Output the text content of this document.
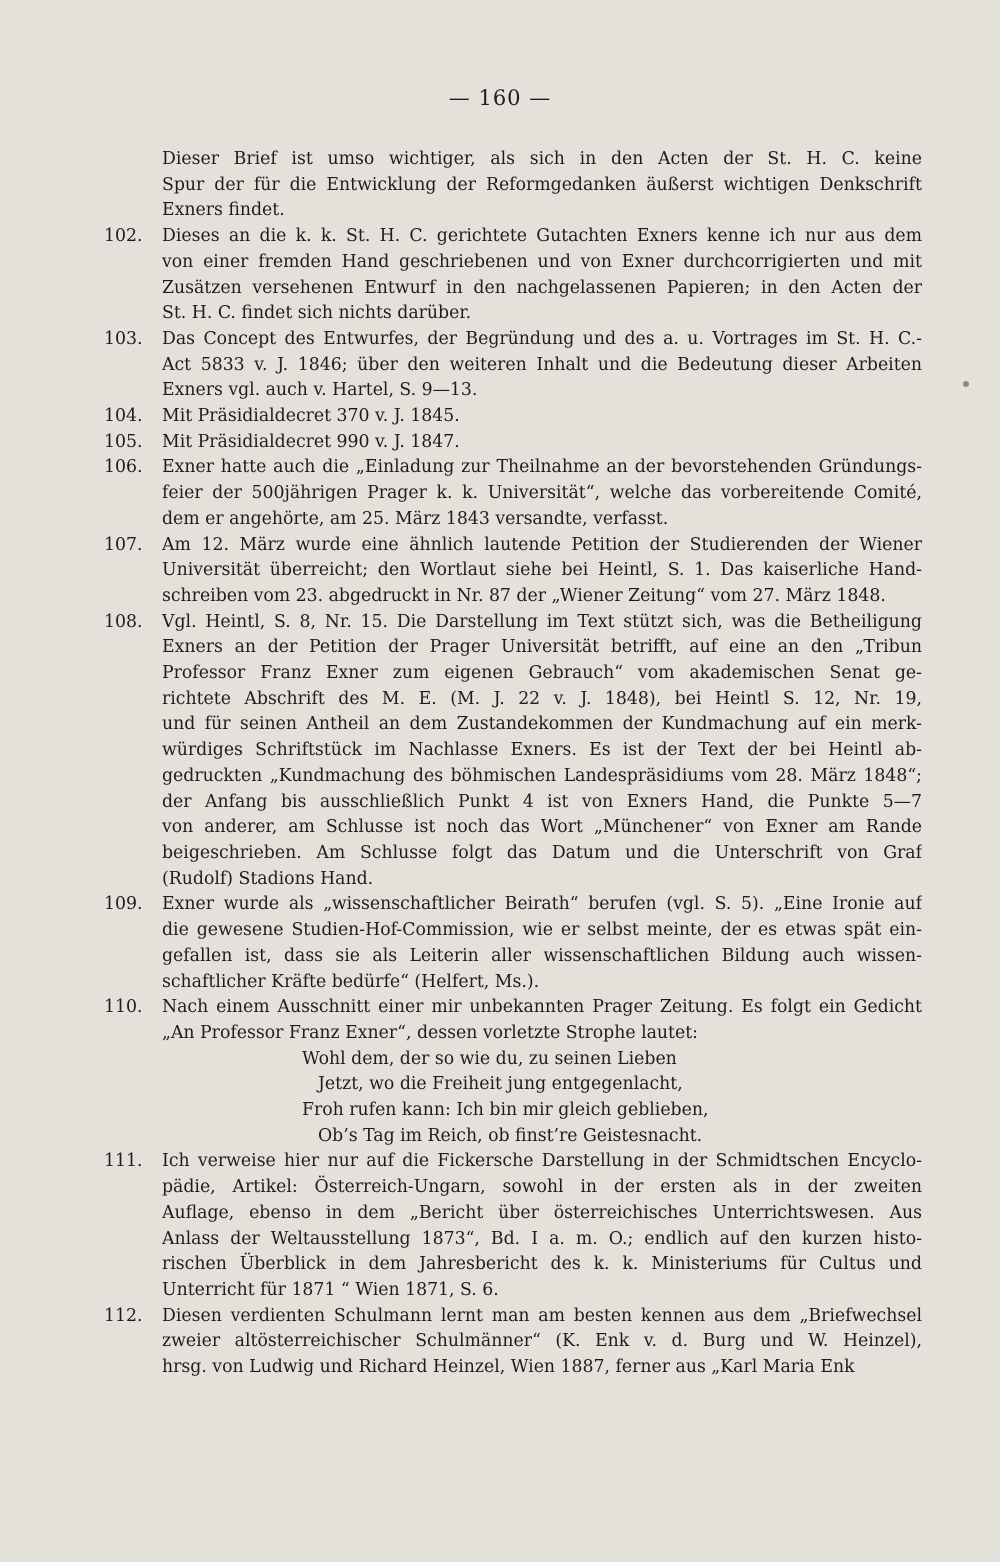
— 160 —
Dieser Brief ist umso wichtiger, als sich in den Acten der St. H. C. keine
Spur der für die Entwicklung der Reformgedanken äußerst wichtigen Denkschrift
Exners findet.
102. Dieses an die k. k. St. H. C. gerichtete Gutachten Exners kenne ich nur aus dem
von einer fremden Hand geschriebenen und von Exner durchcorrigierten und mit
Zusätzen versehenen Entwurf in den nachgelassenen Papieren; in den Acten der
St. H. C. findet sich nichts darüber.
103. Das Concept des Entwurfes, der Begründung und des a. u. Vortrages im St. H. C.-
Act 5833 v. J. 1846; über den weiteren Inhalt und die Bedeutung dieser Arbeiten
Exners vgl. auch v. Hartel, S. 9—13.
104. Mit Präsidialdecret 370 v. J. 1845.
105. Mit Präsidialdecret 990 v. J. 1847.
106. Exner hatte auch die „Einladung zur Theilnahme an der bevorstehenden Gründungs-
feier der 500jährigen Prager k. k. Universität“, welche das vorbereitende Comité,
dem er angehörte, am 25. März 1843 versandte, verfasst.
107. Am 12. März wurde eine ähnlich lautende Petition der Studierenden der Wiener
Universität überreicht; den Wortlaut siehe bei Heintl, S. 1. Das kaiserliche Hand-
schreiben vom 23. abgedruckt in Nr. 87 der „Wiener Zeitung“ vom 27. März 1848.
108. Vgl. Heintl, S. 8, Nr. 15. Die Darstellung im Text stützt sich, was die Betheiligung
Exners an der Petition der Prager Universität betrifft, auf eine an den „Tribun
Professor Franz Exner zum eigenen Gebrauch“ vom akademischen Senat ge-
richtete Abschrift des M. E. (M. J. 22 v. J. 1848), bei Heintl S. 12, Nr. 19,
und für seinen Antheil an dem Zustandekommen der Kundmachung auf ein merk-
würdiges Schriftstück im Nachlasse Exners. Es ist der Text der bei Heintl ab-
gedruckten „Kundmachung des böhmischen Landespräsidiums vom 28. März 1848“;
der Anfang bis ausschließlich Punkt 4 ist von Exners Hand, die Punkte 5—7
von anderer, am Schlusse ist noch das Wort „Münchener“ von Exner am Rande
beigeschrieben. Am Schlusse folgt das Datum und die Unterschrift von Graf
(Rudolf) Stadions Hand.
109. Exner wurde als „wissenschaftlicher Beirath“ berufen (vgl. S. 5). „Eine Ironie auf
die gewesene Studien-Hof-Commission, wie er selbst meinte, der es etwas spät ein-
gefallen ist, dass sie als Leiterin aller wissenschaftlichen Bildung auch wissen-
schaftlicher Kräfte bedürfe“ (Helfert, Ms.).
110. Nach einem Ausschnitt einer mir unbekannten Prager Zeitung. Es folgt ein Gedicht
„An Professor Franz Exner“, dessen vorletzte Strophe lautet:
Wohl dem, der so wie du, zu seinen Lieben
Jetzt, wo die Freiheit jung entgegenlacht,
Froh rufen kann: Ich bin mir gleich geblieben,
Ob’s Tag im Reich, ob finst’re Geistesnacht.
111. Ich verweise hier nur auf die Fickersche Darstellung in der Schmidtschen Encyclo-
pädie, Artikel: Österreich-Ungarn, sowohl in der ersten als in der zweiten
Auflage, ebenso in dem „Bericht über österreichisches Unterrichtswesen. Aus
Anlass der Weltausstellung 1873“, Bd. I a. m. O.; endlich auf den kurzen histo-
rischen Überblick in dem Jahresbericht des k. k. Ministeriums für Cultus und
Unterricht für 1871 “ Wien 1871, S. 6.
112. Diesen verdienten Schulmann lernt man am besten kennen aus dem „Briefwechsel
zweier altösterreichischer Schulmänner“ (K. Enk v. d. Burg und W. Heinzel),
hrsg. von Ludwig und Richard Heinzel, Wien 1887, ferner aus „Karl Maria Enk
